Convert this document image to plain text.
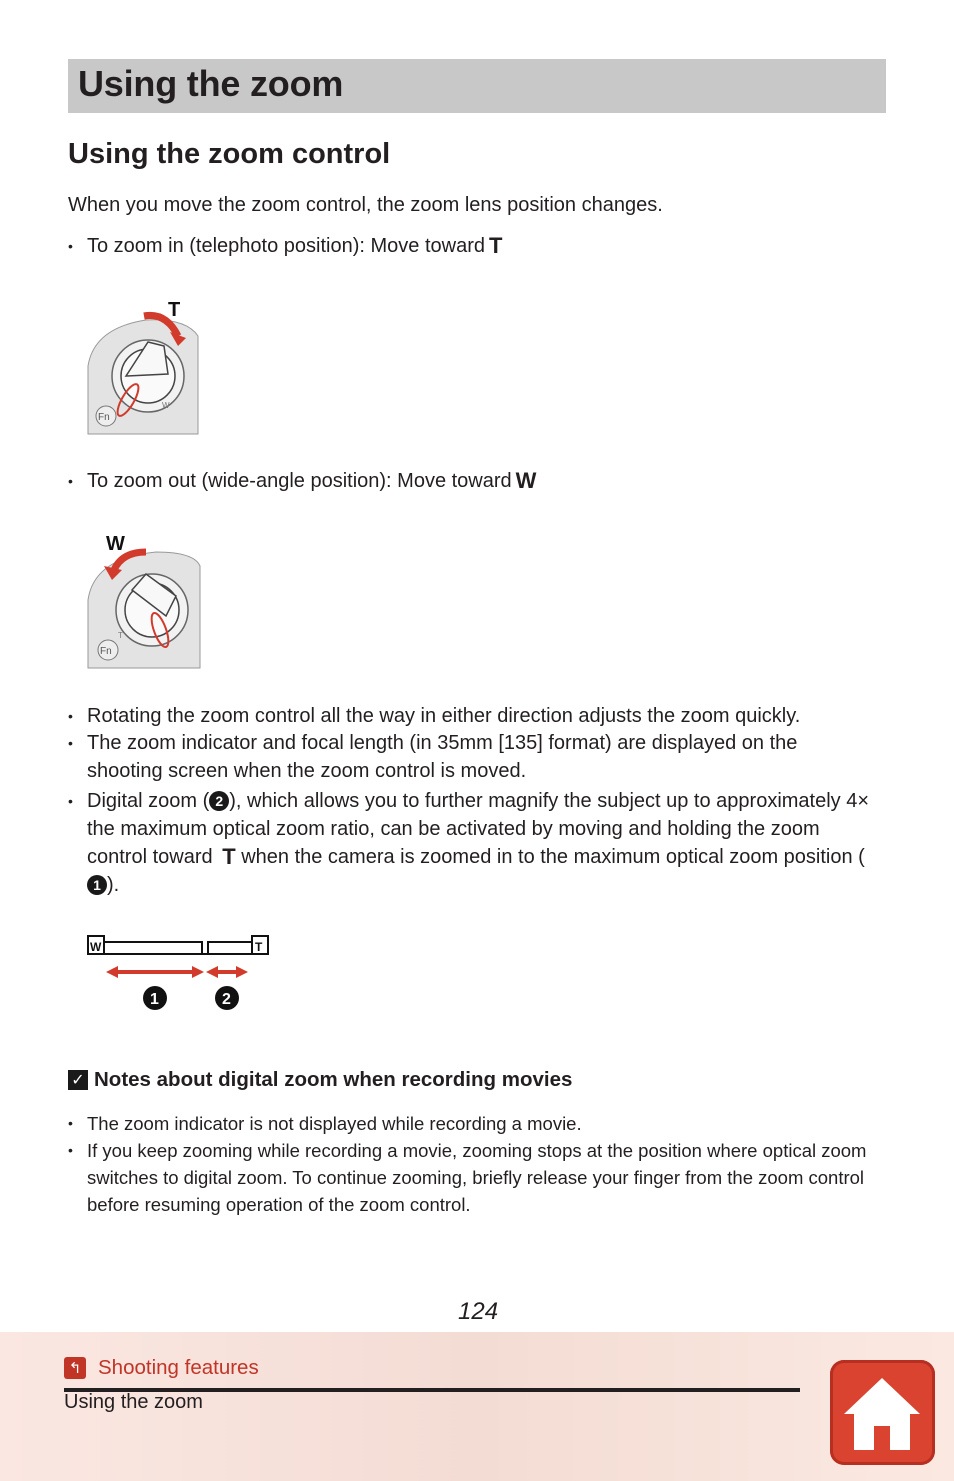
Using the zoom
Using the zoom control
When you move the zoom control, the zoom lens position changes.
• To zoom in (telephoto position): Move toward T
T
Fn
W
• To zoom out (wide-angle position): Move toward W
W
Fn
T
• Rotating the zoom control all the way in either direction adjusts the zoom quickly.
• The zoom indicator and focal length (in 35mm [135] format) are displayed on the shooting screen when the zoom control is moved.
• Digital zoom ( 2 ), which allows you to further magnify the subject up to approximately 4× the maximum optical zoom ratio, can be activated by moving and holding the zoom control toward T when the camera is zoomed in to the maximum optical zoom position (1 ).
W	T
1	2
✓ Notes about digital zoom when recording movies
• The zoom indicator is not displayed while recording a movie.
• If you keep zooming while recording a movie, zooming stops at the position where optical zoom switches to digital zoom. To continue zooming, briefly release your finger from the zoom control before resuming operation of the zoom control.
124
↰ Shooting features
Using the zoom
